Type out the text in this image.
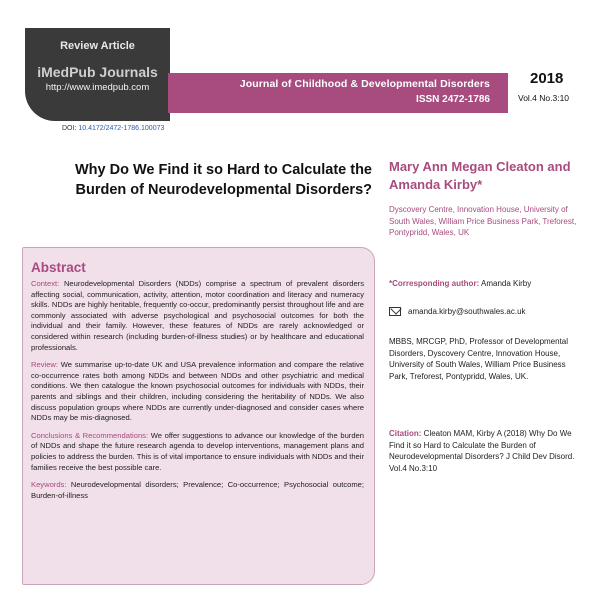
Review Article
iMedPub Journals
http://www.imedpub.com
DOI: 10.4172/2472-1786.100073
Journal of Childhood & Developmental Disorders
ISSN 2472-1786
2018
Vol.4 No.3:10
Why Do We Find it so Hard to Calculate the Burden of Neurodevelopmental Disorders?
Mary Ann Megan Cleaton and Amanda Kirby*
Dyscovery Centre, Innovation House, University of South Wales, William Price Business Park, Treforest, Pontypridd, Wales, UK
Abstract

Context: Neurodevelopmental Disorders (NDDs) comprise a spectrum of prevalent disorders affecting social, communication, activity, attention, motor coordination and literacy and numeracy skills. NDDs are highly heritable, frequently co-occur, predominantly persist throughout life and are commonly associated with adverse psychological and psychosocial outcomes for both the individual and their family. However, these features of NDDs are rarely acknowledged or considered within research (including burden-of-illness studies) or by healthcare and educational professionals.

Review: We summarise up-to-date UK and USA prevalence information and compare the relative co-occurrence rates both among NDDs and between NDDs and other psychiatric and medical conditions. We then catalogue the known psychosocial outcomes for individuals with NDDs, their parents and siblings and their children, including considering the heritability of NDDs. We also discuss population groups where NDDs are currently under-diagnosed and consider cases where NDDs may be mis-diagnosed.

Conclusions & Recommendations: We offer suggestions to advance our knowledge of the burden of NDDs and shape the future research agenda to develop interventions, management plans and policies to address the burden. This is of vital importance to ensure individuals with NDDs and their families receive the best possible care.

Keywords: Neurodevelopmental disorders; Prevalence; Co-occurrence; Psychosocial outcome; Burden-of-illness

*Corresponding author: Amanda Kirby
amanda.kirby@southwales.ac.uk
MBBS, MRCGP, PhD, Professor of Developmental Disorders, Dyscovery Centre, Innovation House, University of South Wales, William Price Business Park, Treforest, Pontypridd, Wales, UK.
Citation: Cleaton MAM, Kirby A (2018) Why Do We Find it so Hard to Calculate the Burden of Neurodevelopmental Disorders? J Child Dev Disord. Vol.4 No.3:10
